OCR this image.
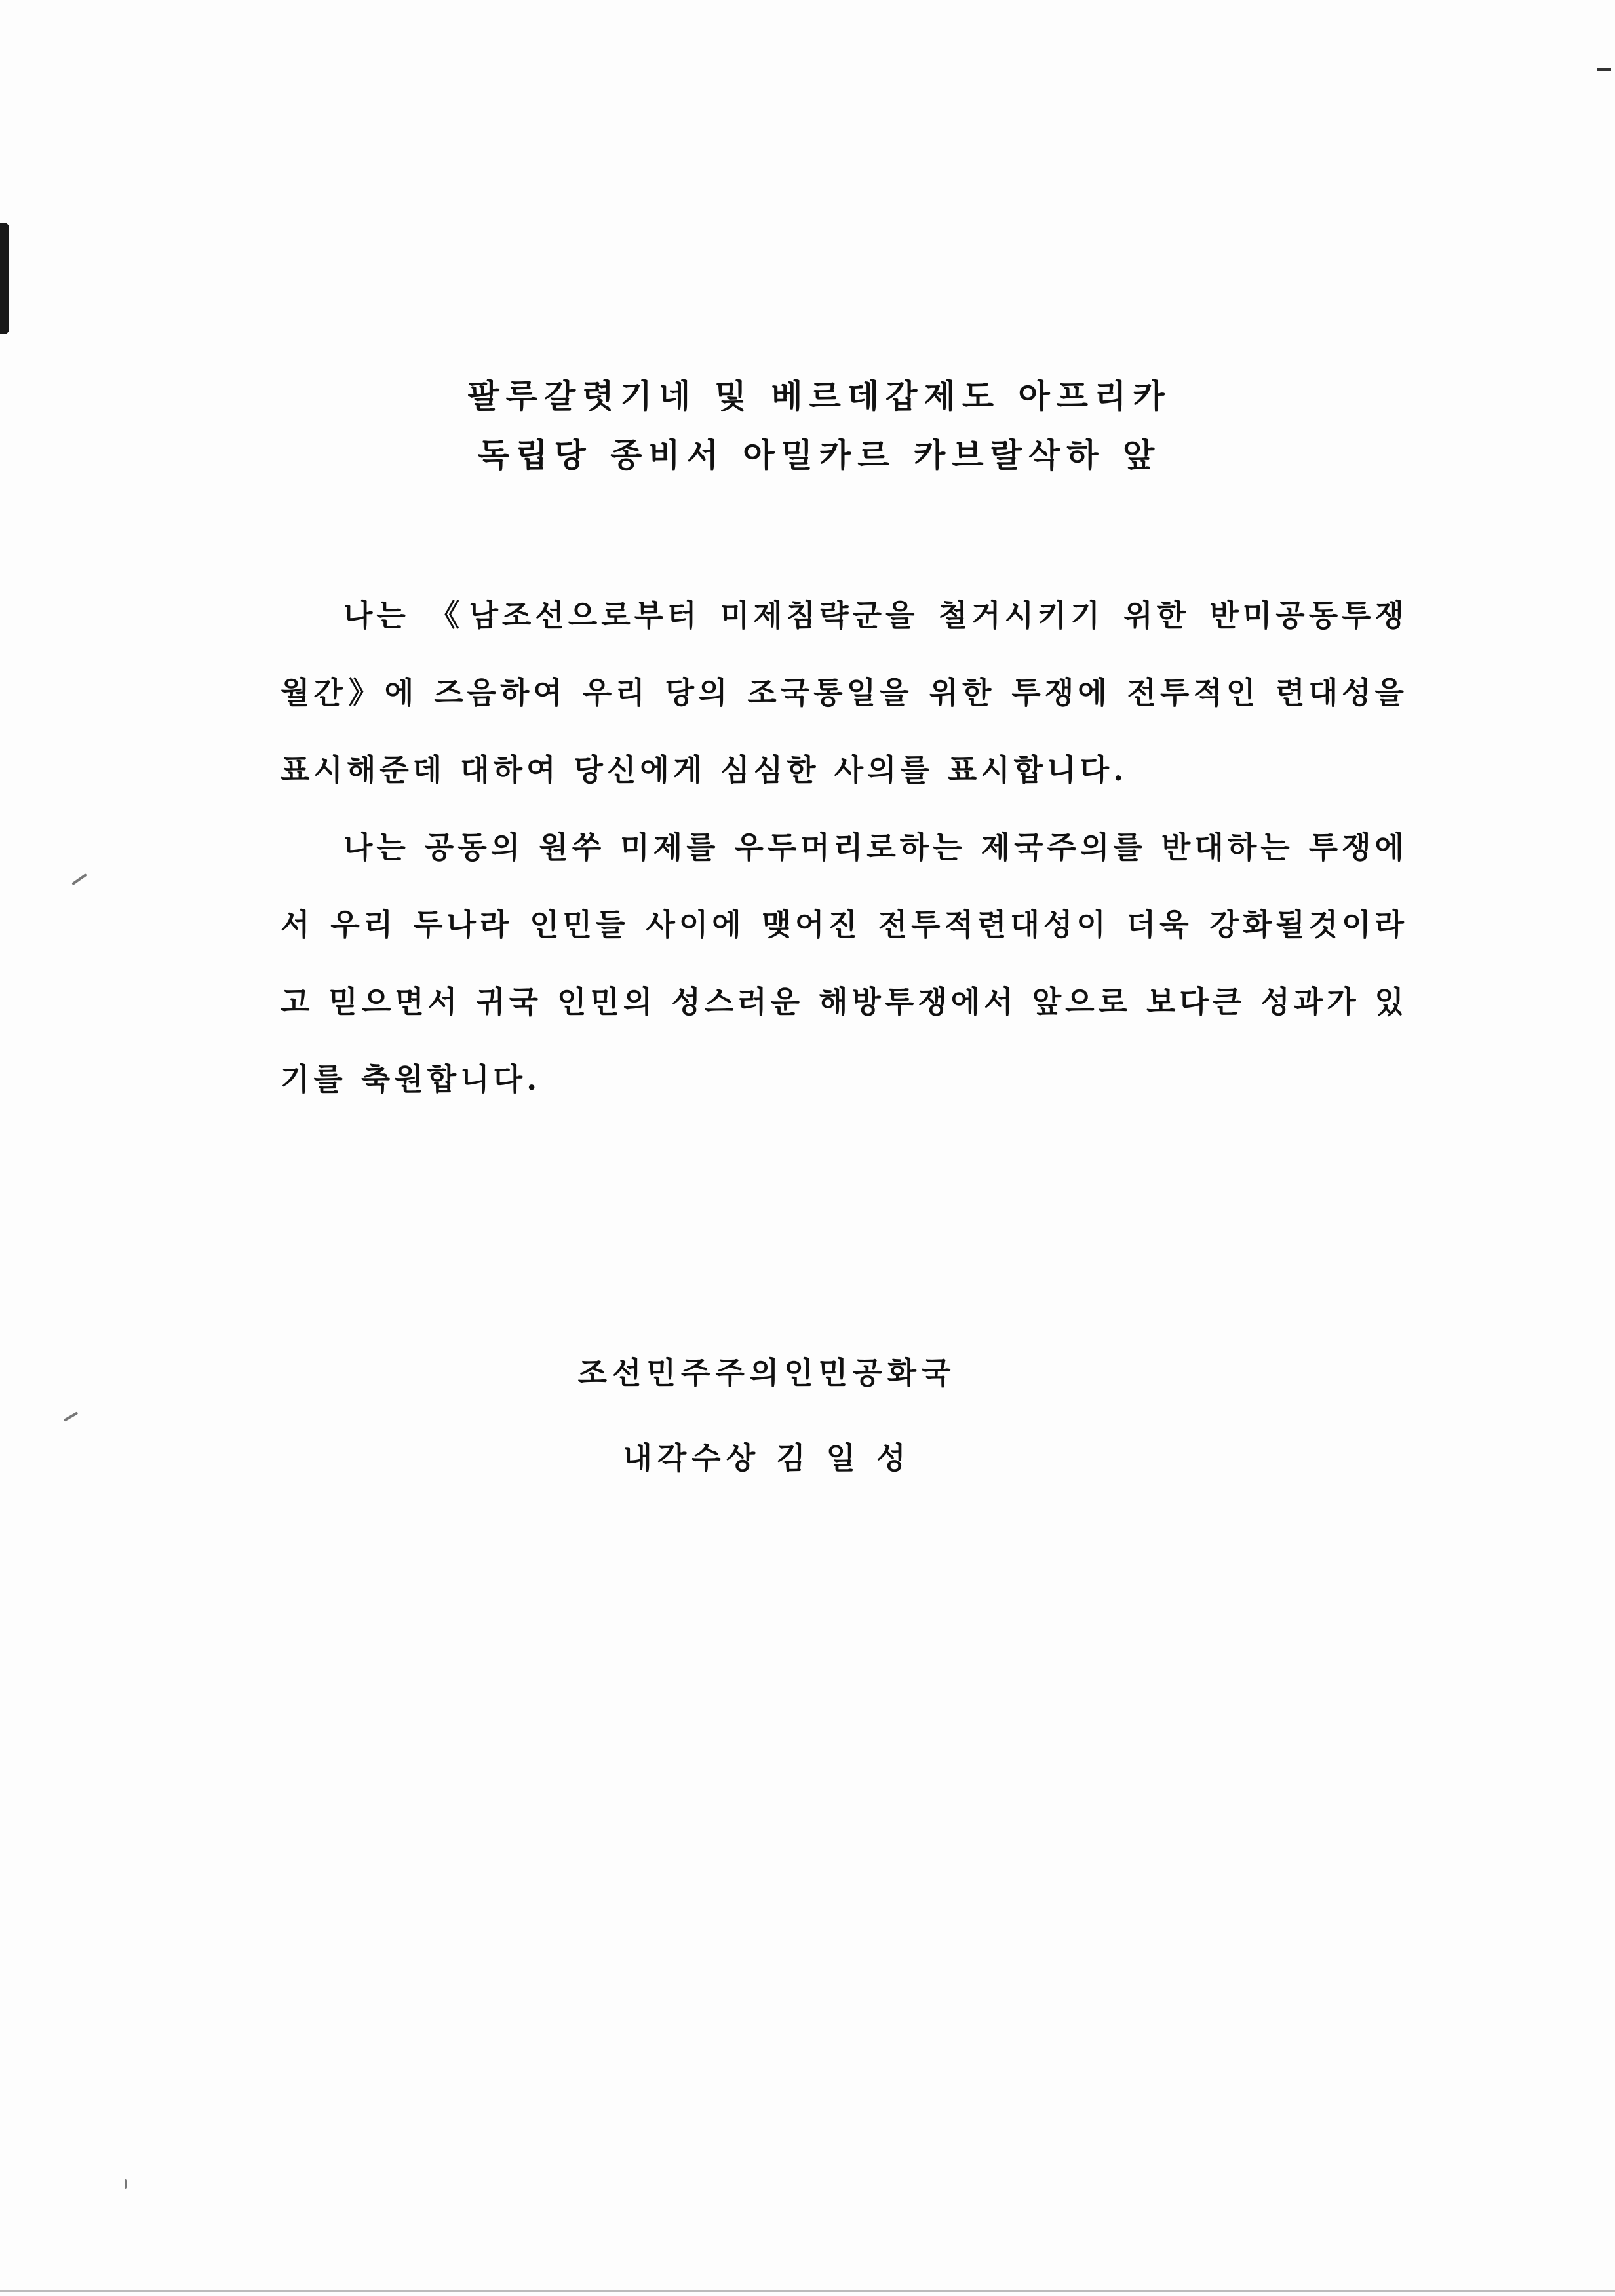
팔루갈렷기네 및 베르데갑제도 아프리카
독립당 종비서 아밀카르 카브랄삭하 앞

나는 《남조선으로부터 미제침략군을 철거시키기 위한 반미공동투쟁월간》에 즈음하여 우리 당의 조국통일을 위한 투쟁에 전투적인 련대성을 표시해준데 대하여 당신에게 심심한 사의를 표시합니다.

나는 공동의 원쑤 미제를 우두머리로하는 제국주의를 반대하는 투쟁에서 우리 두나라 인민들 사이에 맺어진 전투적련대성이 더욱 강화될것이라고 믿으면서 귀국 인민의 성스러운 해방투쟁에서 앞으로 보다큰 성과가 있기를 축원합니다.

조선민주주의인민공화국
내각수상 김 일 성
